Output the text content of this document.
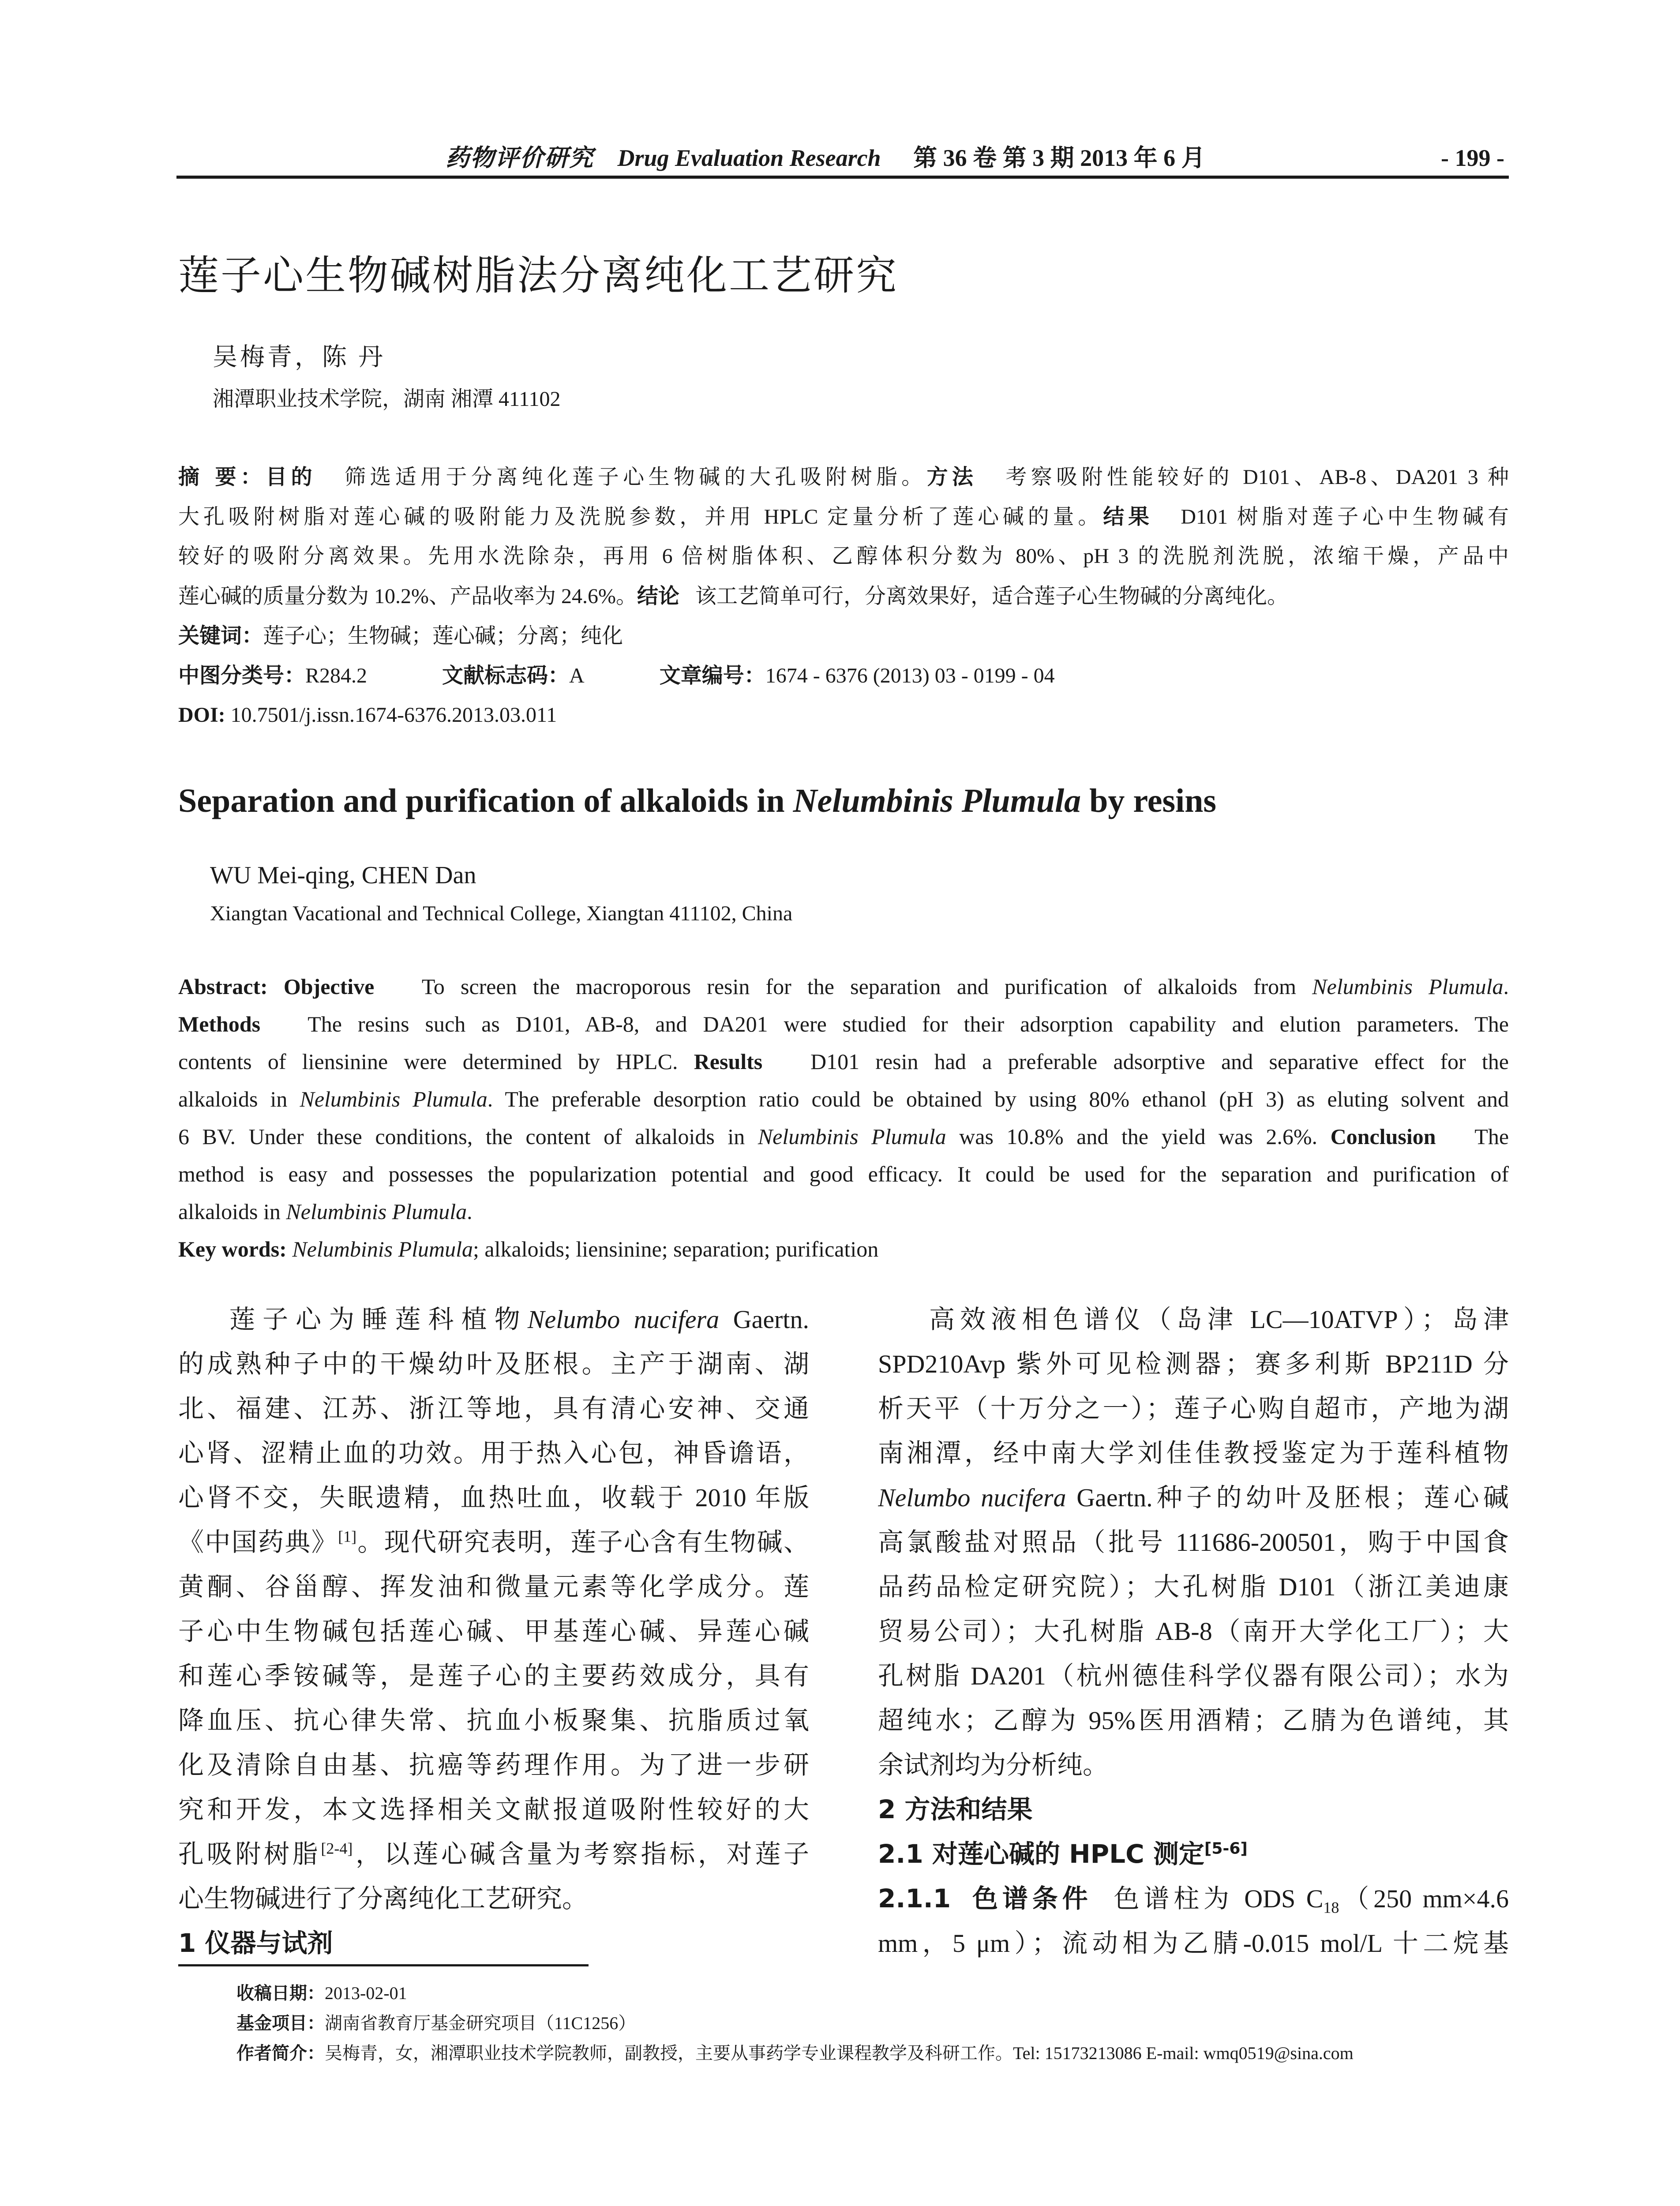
药物评价研究 Drug Evaluation Research 第 36 卷 第 3 期 2013 年 6 月	- 199 -
莲子心生物碱树脂法分离纯化工艺研究
吴梅青，陈 丹
湘潭职业技术学院，湖南 湘潭 411102
摘 要：目的 筛选适用于分离纯化莲子心生物碱的大孔吸附树脂。方法 考察吸附性能较好的 D101、AB-8、DA201 3 种
大孔吸附树脂对莲心碱的吸附能力及洗脱参数，并用 HPLC 定量分析了莲心碱的量。结果 D101 树脂对莲子心中生物碱有
较好的吸附分离效果。先用水洗除杂，再用 6 倍树脂体积、乙醇体积分数为 80%、pH 3 的洗脱剂洗脱，浓缩干燥，产品中
莲心碱的质量分数为 10.2%、产品收率为 24.6%。结论 该工艺简单可行，分离效果好，适合莲子心生物碱的分离纯化。
关键词：莲子心；生物碱；莲心碱；分离；纯化
中图分类号：R284.2	文献标志码：A	文章编号：1674 - 6376 (2013) 03 - 0199 - 04
DOI: 10.7501/j.issn.1674-6376.2013.03.011
Separation and purification of alkaloids in Nelumbinis Plumula by resins
WU Mei-qing, CHEN Dan
Xiangtan Vacational and Technical College, Xiangtan 411102, China
Abstract: Objective To screen the macroporous resin for the separation and purification of alkaloids from Nelumbinis Plumula.
Methods The resins such as D101, AB-8, and DA201 were studied for their adsorption capability and elution parameters. The
contents of liensinine were determined by HPLC. Results D101 resin had a preferable adsorptive and separative effect for the
alkaloids in Nelumbinis Plumula. The preferable desorption ratio could be obtained by using 80% ethanol (pH 3) as eluting solvent and
6 BV. Under these conditions, the content of alkaloids in Nelumbinis Plumula was 10.8% and the yield was 2.6%. Conclusion The
method is easy and possesses the popularization potential and good efficacy. It could be used for the separation and purification of
alkaloids in Nelumbinis Plumula.
Key words: Nelumbinis Plumula; alkaloids; liensinine; separation; purification
莲子心为睡莲科植物Nelumbo nucifera Gaertn.
的成熟种子中的干燥幼叶及胚根。主产于湖南、湖
北、福建、江苏、浙江等地，具有清心安神、交通
心肾、涩精止血的功效。用于热入心包，神昏谵语，
心肾不交，失眠遗精，血热吐血，收载于 2010 年版
《中国药典》[1]。现代研究表明，莲子心含有生物碱、
黄酮、谷甾醇、挥发油和微量元素等化学成分。莲
子心中生物碱包括莲心碱、甲基莲心碱、异莲心碱
和莲心季铵碱等，是莲子心的主要药效成分，具有
降血压、抗心律失常、抗血小板聚集、抗脂质过氧
化及清除自由基、抗癌等药理作用。为了进一步研
究和开发，本文选择相关文献报道吸附性较好的大
孔吸附树脂[2-4]，以莲心碱含量为考察指标，对莲子
心生物碱进行了分离纯化工艺研究。
1 仪器与试剂
高效液相色谱仪（岛津 LC—10ATVP）；岛津
SPD210Avp 紫外可见检测器；赛多利斯 BP211D 分
析天平（十万分之一）；莲子心购自超市，产地为湖
南湘潭，经中南大学刘佳佳教授鉴定为于莲科植物
Nelumbo nucifera Gaertn.种子的幼叶及胚根；莲心碱
高氯酸盐对照品（批号 111686-200501，购于中国食
品药品检定研究院）；大孔树脂 D101（浙江美迪康
贸易公司）；大孔树脂 AB-8（南开大学化工厂）；大
孔树脂 DA201（杭州德佳科学仪器有限公司）；水为
超纯水；乙醇为 95%医用酒精；乙腈为色谱纯，其
余试剂均为分析纯。
2 方法和结果
2.1 对莲心碱的 HPLC 测定[5-6]
2.1.1 色谱条件 色谱柱为 ODS $C_{18}(250$ mm×4.6
mm，5 μm）；流动相为乙腈-0.015 mol/L 十二烷基
收稿日期：2013-02-01
基金项目：湖南省教育厅基金研究项目（11C1256）
作者简介：吴梅青，女，湘潭职业技术学院教师，副教授，主要从事药学专业课程教学及科研工作。Tel: 15173213086 E-mail: wmq0519@sina.com
